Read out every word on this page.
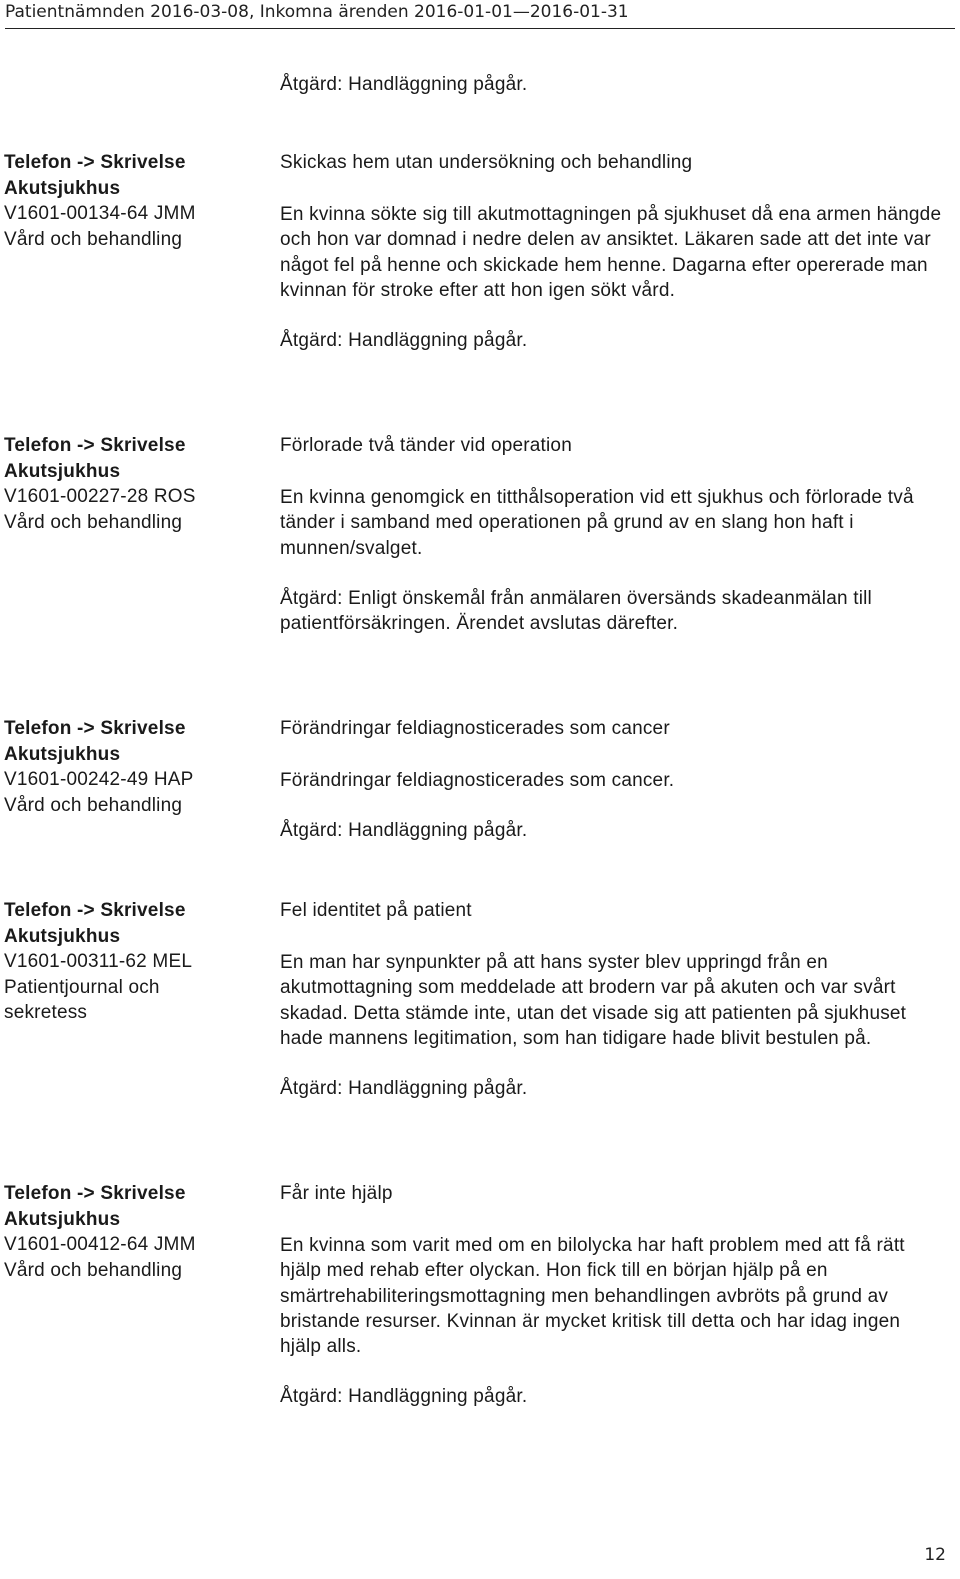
Patientnämnden 2016-03-08, Inkomna ärenden 2016-01-01—2016-01-31

Åtgärd: Handläggning pågår.

Telefon -> Skrivelse
Akutsjukhus
V1601-00134-64 JMM
Vård och behandling

Skickas hem utan undersökning och behandling

En kvinna sökte sig till akutmottagningen på sjukhuset då ena armen hängde och hon var domnad i nedre delen av ansiktet. Läkaren sade att det inte var något fel på henne och skickade hem henne. Dagarna efter opererade man kvinnan för stroke efter att hon igen sökt vård.

Åtgärd: Handläggning pågår.

Telefon -> Skrivelse
Akutsjukhus
V1601-00227-28 ROS
Vård och behandling

Förlorade två tänder vid operation

En kvinna genomgick en titthålsoperation vid ett sjukhus och förlorade två tänder i samband med operationen på grund av en slang hon haft i munnen/svalget.

Åtgärd: Enligt önskemål från anmälaren översänds skadeanmälan till patientförsäkringen. Ärendet avslutas därefter.

Telefon -> Skrivelse
Akutsjukhus
V1601-00242-49 HAP
Vård och behandling

Förändringar feldiagnosticerades som cancer

Förändringar feldiagnosticerades som cancer.

Åtgärd: Handläggning pågår.

Telefon -> Skrivelse
Akutsjukhus
V1601-00311-62 MEL
Patientjournal och sekretess

Fel identitet på patient

En man har synpunkter på att hans syster blev uppringd från en akutmottagning som meddelade att brodern var på akuten och var svårt skadad. Detta stämde inte, utan det visade sig att patienten på sjukhuset hade mannens legitimation, som han tidigare hade blivit bestulen på.

Åtgärd: Handläggning pågår.

Telefon -> Skrivelse
Akutsjukhus
V1601-00412-64 JMM
Vård och behandling

Får inte hjälp

En kvinna som varit med om en bilolycka har haft problem med att få rätt hjälp med rehab efter olyckan. Hon fick till en början hjälp på en smärtrehabiliteringsmottagning men behandlingen avbröts på grund av bristande resurser. Kvinnan är mycket kritisk till detta och har idag ingen hjälp alls.

Åtgärd: Handläggning pågår.

12
